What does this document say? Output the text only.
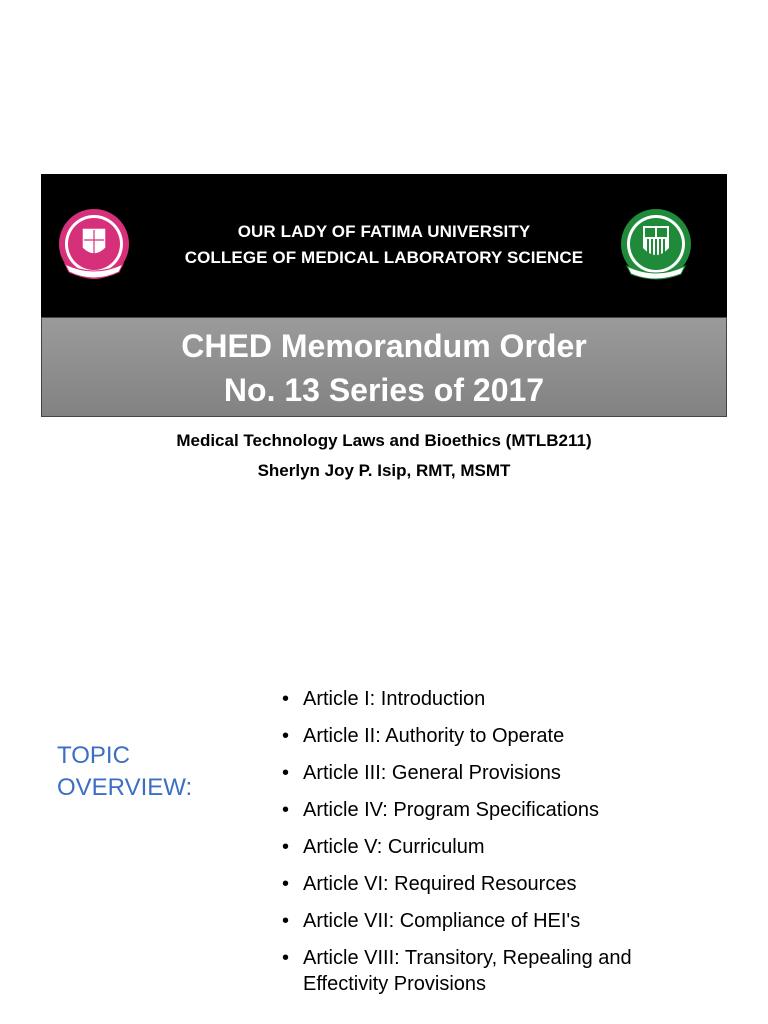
OUR LADY OF FATIMA UNIVERSITY
COLLEGE OF MEDICAL LABORATORY SCIENCE
CHED Memorandum Order
No. 13 Series of 2017
Medical Technology Laws and Bioethics (MTLB211)
Sherlyn Joy P. Isip, RMT, MSMT
TOPIC
OVERVIEW:
• Article I: Introduction
• Article II: Authority to Operate
• Article III: General Provisions
• Article IV: Program Specifications
• Article V: Curriculum
• Article VI: Required Resources
• Article VII: Compliance of HEI's
• Article VIII: Transitory, Repealing and Effectivity Provisions
